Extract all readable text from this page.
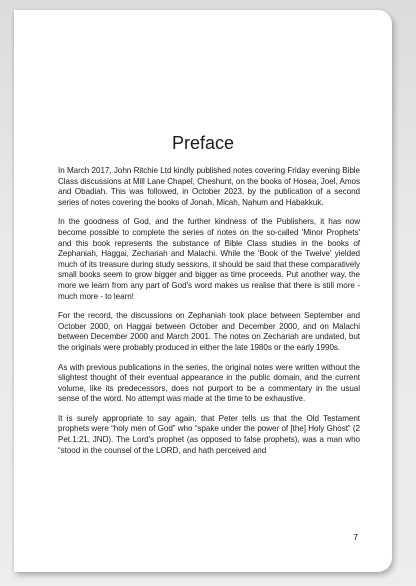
Preface

In March 2017, John Ritchie Ltd kindly published notes covering Friday evening Bible Class discussions at Mill Lane Chapel, Cheshunt, on the books of Hosea, Joel, Amos and Obadiah. This was followed, in October 2023, by the publication of a second series of notes covering the books of Jonah, Micah, Nahum and Habakkuk.

In the goodness of God, and the further kindness of the Publishers, it has now become possible to complete the series of notes on the so-called 'Minor Prophets' and this book represents the substance of Bible Class studies in the books of Zephaniah, Haggai, Zechariah and Malachi. While the 'Book of the Twelve' yielded much of its treasure during study sessions, it should be said that these comparatively small books seem to grow bigger and bigger as time proceeds. Put another way, the more we learn from any part of God's word makes us realise that there is still more - much more - to learn!

For the record, the discussions on Zephaniah took place between September and October 2000, on Haggai between October and December 2000, and on Malachi between December 2000 and March 2001. The notes on Zechariah are undated, but the originals were probably produced in either the late 1980s or the early 1990s.

As with previous publications in the series, the original notes were written without the slightest thought of their eventual appearance in the public domain, and the current volume, like its predecessors, does not purport to be a commentary in the usual sense of the word. No attempt was made at the time to be exhaustive.

It is surely appropriate to say again, that Peter tells us that the Old Testament prophets were “holy men of God” who “spake under the power of [the] Holy Ghost” (2 Pet.1:21, JND). The Lord's prophet (as opposed to false prophets), was a man who “stood in the counsel of the LORD, and hath perceived and

7
